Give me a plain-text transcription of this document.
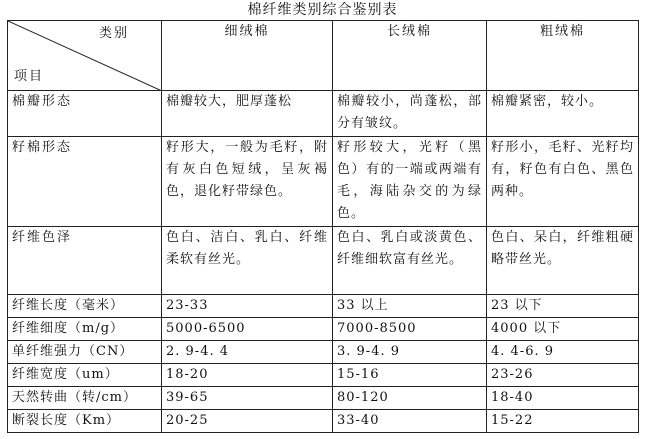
棉纤维类别综合鉴别表
类别
项目	细绒棉	长绒棉	粗绒棉
棉瓣形态	棉瓣较大，肥厚蓬松	棉瓣较小，尚蓬松，部分有皱纹。	棉瓣紧密，较小。
籽棉形态	籽形大，一般为毛籽，附有灰白色短绒，呈灰褐色，退化籽带绿色。	籽形较大，光籽（黑色）有的一端或两端有毛，海陆杂交的为绿色。	籽形小，毛籽、光籽均有，籽色有白色、黑色两种。
纤维色泽	色白、洁白、乳白、纤维柔软有丝光。	色白、乳白或淡黄色、纤维细软富有丝光。	色白、呆白，纤维粗硬略带丝光。
纤维长度（毫米）	23-33	33 以上	23 以下
纤维细度（m/g）	5000-6500	7000-8500	4000 以下
单纤维强力（CN）	2. 9-4. 4	3. 9-4. 9	4. 4-6. 9
纤维宽度（um）	18-20	15-16	23-26
天然转曲（转/cm）	39-65	80-120	18-40
断裂长度（Km）	20-25	33-40	15-22
